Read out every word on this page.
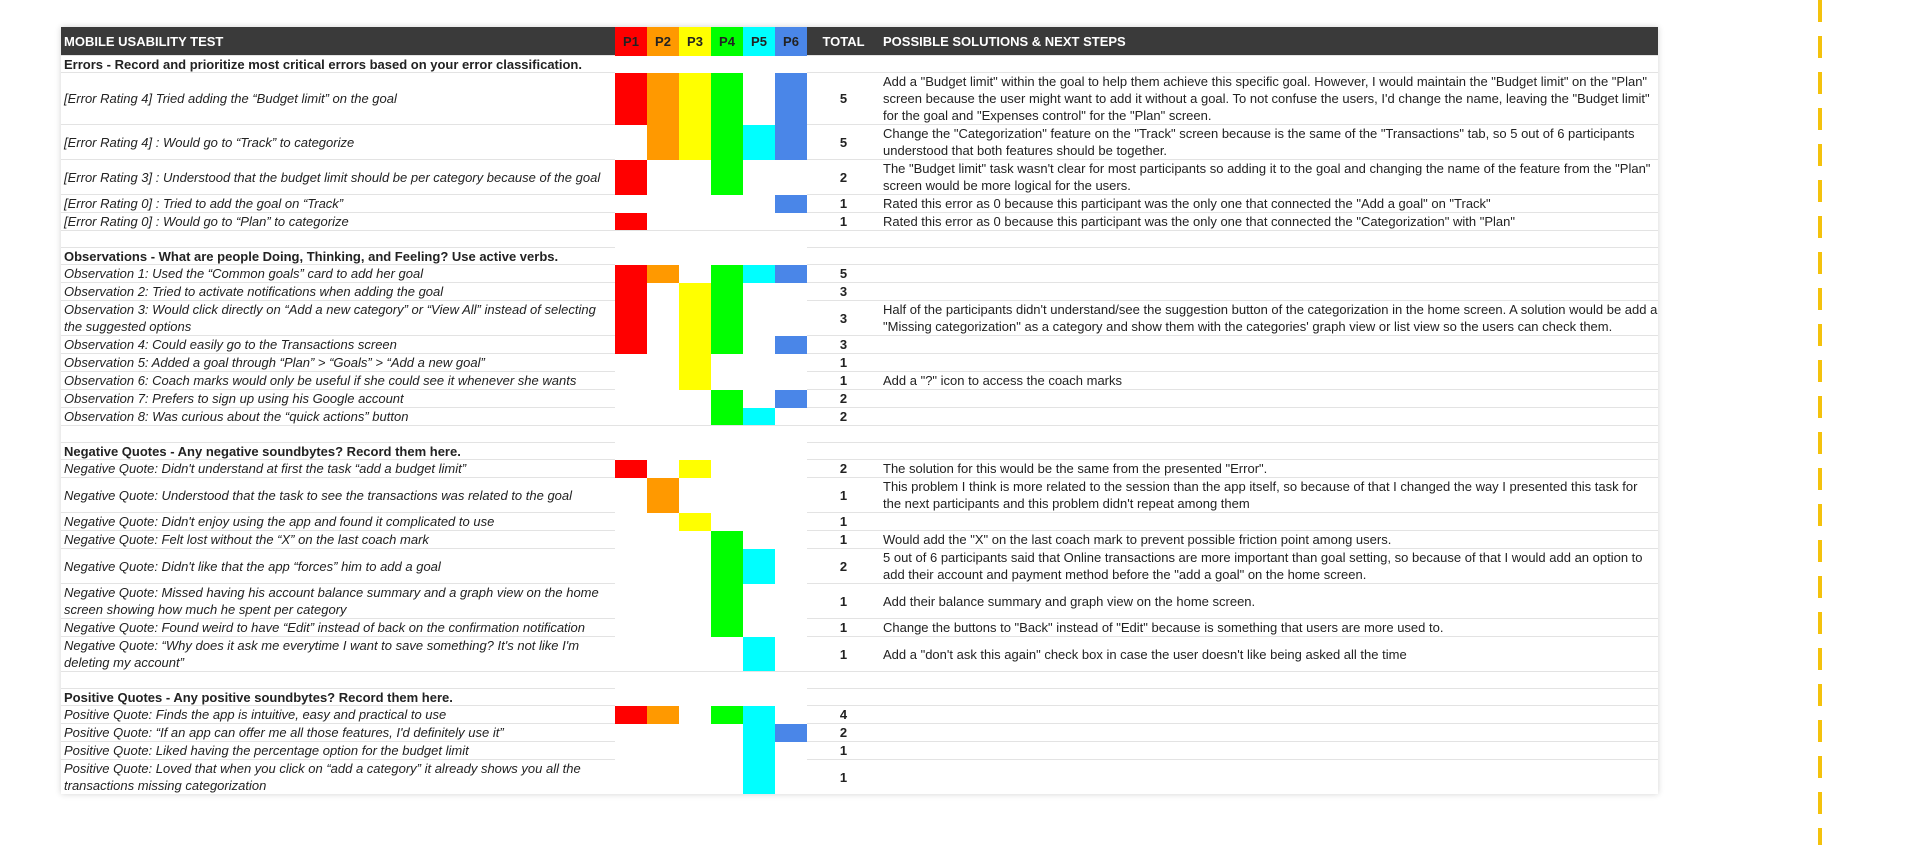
MOBILE USABILITY TEST	P1	P2	P3	P4	P5	P6	TOTAL	POSSIBLE SOLUTIONS & NEXT STEPS
Errors - Record and prioritize most critical errors based on your error classification.								
[Error Rating 4] Tried adding the “Budget limit” on the goal							5	Add a "Budget limit" within the goal to help them achieve this specific goal. However, I would maintain the "Budget limit" on the "Plan" screen because the user might want to add it without a goal. To not confuse the users, I'd change the name, leaving the "Budget limit" for the goal and "Expenses control" for the "Plan" screen.
[Error Rating 4] : Would go to “Track” to categorize							5	Change the "Categorization" feature on the "Track" screen because is the same of the "Transactions" tab, so 5 out of 6 participants understood that both features should be together.
[Error Rating 3] : Understood that the budget limit should be per category because of the goal							2	The "Budget limit" task wasn't clear for most participants so adding it to the goal and changing the name of the feature from the "Plan" screen would be more logical for the users.
[Error Rating 0] : Tried to add the goal on “Track”							1	Rated this error as 0 because this participant was the only one that connected the "Add a goal" on "Track"
[Error Rating 0] : Would go to “Plan” to categorize							1	Rated this error as 0 because this participant was the only one that connected the "Categorization" with "Plan"

Observations - What are people Doing, Thinking, and Feeling? Use active verbs.								
Observation 1: Used the “Common goals” card to add her goal							5	
Observation 2: Tried to activate notifications when adding the goal							3	
Observation 3: Would click directly on “Add a new category” or “View All” instead of selecting the suggested options							3	Half of the participants didn't understand/see the suggestion button of the categorization in the home screen. A solution would be add a "Missing categorization" as a category and show them with the categories' graph view or list view so the users can check them.
Observation 4: Could easily go to the Transactions screen							3	
Observation 5: Added a goal through “Plan” > “Goals” > “Add a new goal”							1	
Observation 6: Coach marks would only be useful if she could see it whenever she wants							1	Add a "?" icon to access the coach marks
Observation 7: Prefers to sign up using his Google account							2	
Observation 8: Was curious about the “quick actions” button							2	

Negative Quotes - Any negative soundbytes? Record them here.								
Negative Quote: Didn't understand at first the task “add a budget limit”							2	The solution for this would be the same from the presented "Error".
Negative Quote: Understood that the task to see the transactions was related to the goal							1	This problem I think is more related to the session than the app itself, so because of that I changed the way I presented this task for the next participants and this problem didn't repeat among them
Negative Quote: Didn't enjoy using the app and found it complicated to use							1	
Negative Quote: Felt lost without the “X” on the last coach mark							1	Would add the "X" on the last coach mark to prevent possible friction point among users.
Negative Quote: Didn't like that the app “forces” him to add a goal							2	5 out of 6 participants said that Online transactions are more important than goal setting, so because of that I would add an option to add their account and payment method before the "add a goal" on the home screen.
Negative Quote: Missed having his account balance summary and a graph view on the home screen showing how much he spent per category							1	Add their balance summary and graph view on the home screen.
Negative Quote: Found weird to have “Edit” instead of back on the confirmation notification							1	Change the buttons to "Back" instead of "Edit" because is something that users are more used to.
Negative Quote: “Why does it ask me everytime I want to save something? It's not like I'm deleting my account”							1	Add a "don't ask this again" check box in case the user doesn't like being asked all the time

Positive Quotes - Any positive soundbytes? Record them here.								
Positive Quote: Finds the app is intuitive, easy and practical to use							4	
Positive Quote: “If an app can offer me all those features, I'd definitely use it”							2	
Positive Quote: Liked having the percentage option for the budget limit							1	
Positive Quote: Loved that when you click on “add a category” it already shows you all the transactions missing categorization							1	
